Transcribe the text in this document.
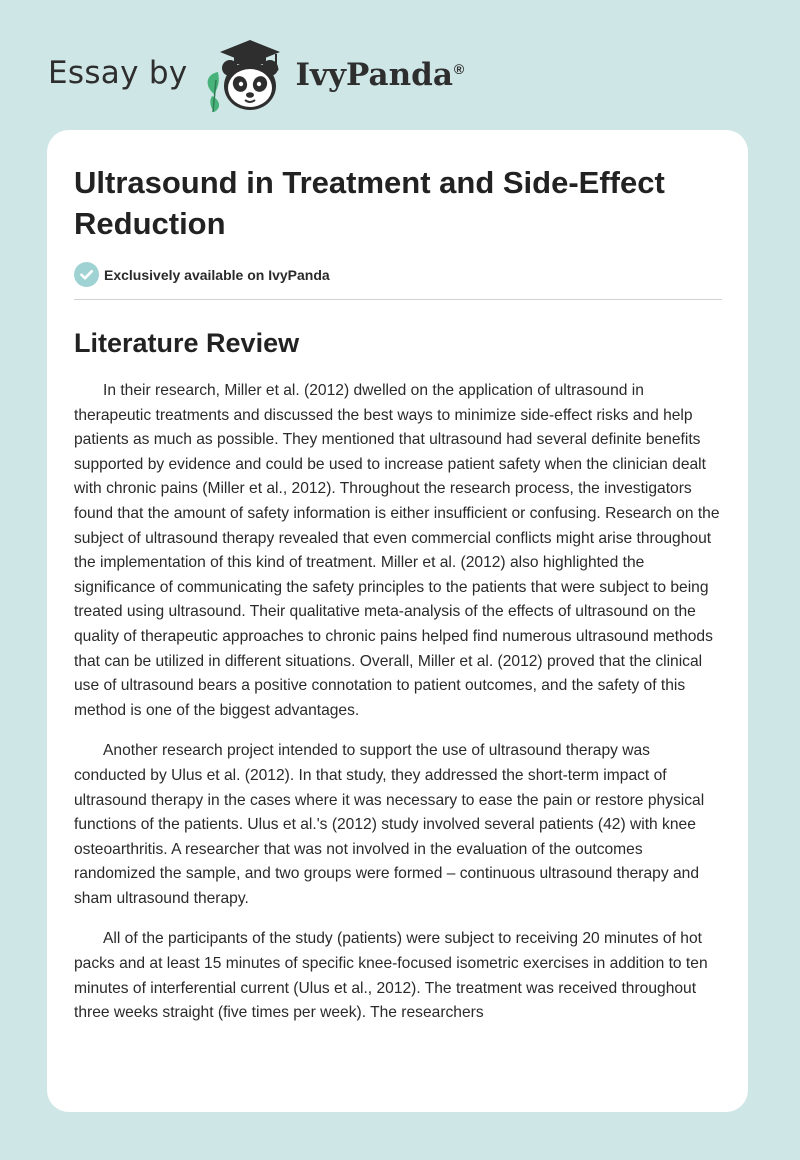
Essay by	IvyPanda®
Ultrasound in Treatment and Side-Effect Reduction
Exclusively available on IvyPanda
Literature Review

In their research, Miller et al. (2012) dwelled on the application of ultrasound in therapeutic treatments and discussed the best ways to minimize side-effect risks and help patients as much as possible. They mentioned that ultrasound had several definite benefits supported by evidence and could be used to increase patient safety when the clinician dealt with chronic pains (Miller et al., 2012). Throughout the research process, the investigators found that the amount of safety information is either insufficient or confusing. Research on the subject of ultrasound therapy revealed that even commercial conflicts might arise throughout the implementation of this kind of treatment. Miller et al. (2012) also highlighted the significance of communicating the safety principles to the patients that were subject to being treated using ultrasound. Their qualitative meta-analysis of the effects of ultrasound on the quality of therapeutic approaches to chronic pains helped find numerous ultrasound methods that can be utilized in different situations. Overall, Miller et al. (2012) proved that the clinical use of ultrasound bears a positive connotation to patient outcomes, and the safety of this method is one of the biggest advantages.

Another research project intended to support the use of ultrasound therapy was conducted by Ulus et al. (2012). In that study, they addressed the short-term impact of ultrasound therapy in the cases where it was necessary to ease the pain or restore physical functions of the patients. Ulus et al.'s (2012) study involved several patients (42) with knee osteoarthritis. A researcher that was not involved in the evaluation of the outcomes randomized the sample, and two groups were formed – continuous ultrasound therapy and sham ultrasound therapy.

All of the participants of the study (patients) were subject to receiving 20 minutes of hot packs and at least 15 minutes of specific knee-focused isometric exercises in addition to ten minutes of interferential current (Ulus et al., 2012). The treatment was received throughout three weeks straight (five times per week). The researchers
